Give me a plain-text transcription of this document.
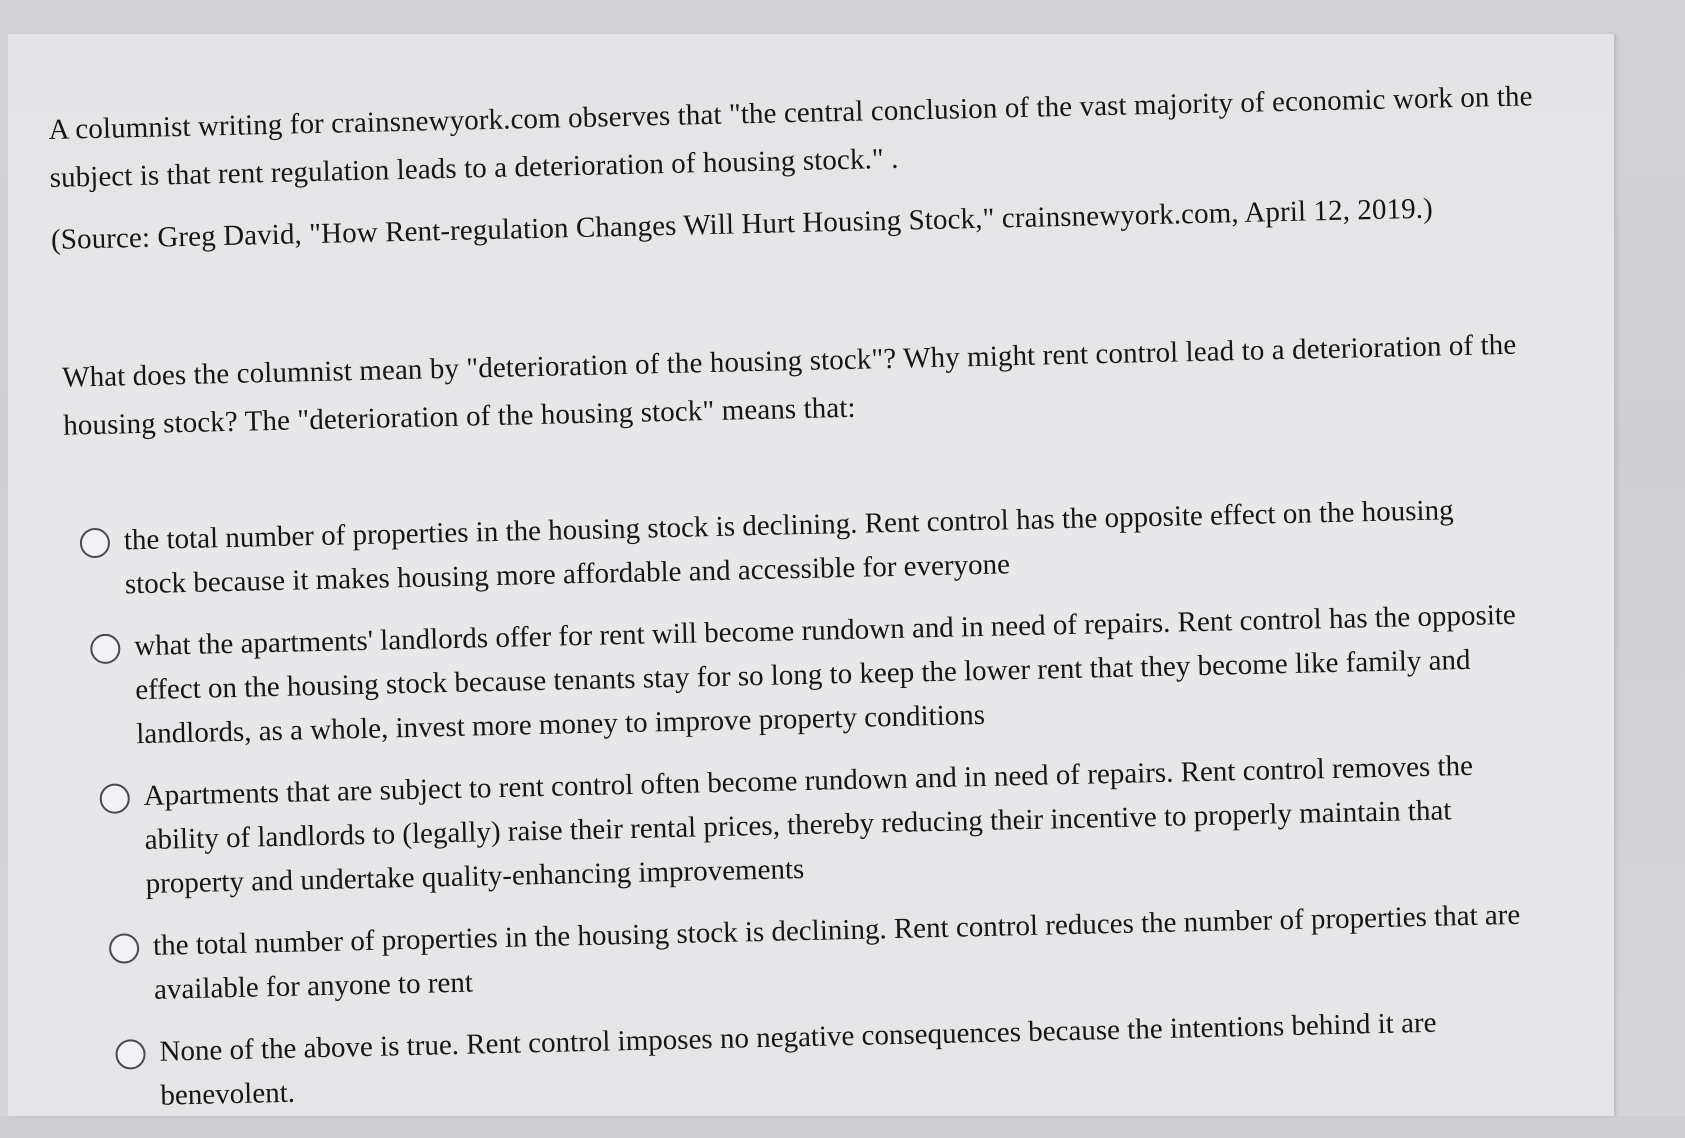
A columnist writing for crainsnewyork.com observes that "the central conclusion of the vast majority of economic work on the subject is that rent regulation leads to a deterioration of housing stock." .

(Source: Greg David, "How Rent-regulation Changes Will Hurt Housing Stock," crainsnewyork.com, April 12, 2019.)

What does the columnist mean by "deterioration of the housing stock"? Why might rent control lead to a deterioration of the housing stock? The "deterioration of the housing stock" means that:

the total number of properties in the housing stock is declining. Rent control has the opposite effect on the housing stock because it makes housing more affordable and accessible for everyone
what the apartments' landlords offer for rent will become rundown and in need of repairs. Rent control has the opposite effect on the housing stock because tenants stay for so long to keep the lower rent that they become like family and landlords, as a whole, invest more money to improve property conditions
Apartments that are subject to rent control often become rundown and in need of repairs. Rent control removes the ability of landlords to (legally) raise their rental prices, thereby reducing their incentive to properly maintain that property and undertake quality-enhancing improvements
the total number of properties in the housing stock is declining. Rent control reduces the number of properties that are available for anyone to rent
None of the above is true. Rent control imposes no negative consequences because the intentions behind it are benevolent.
